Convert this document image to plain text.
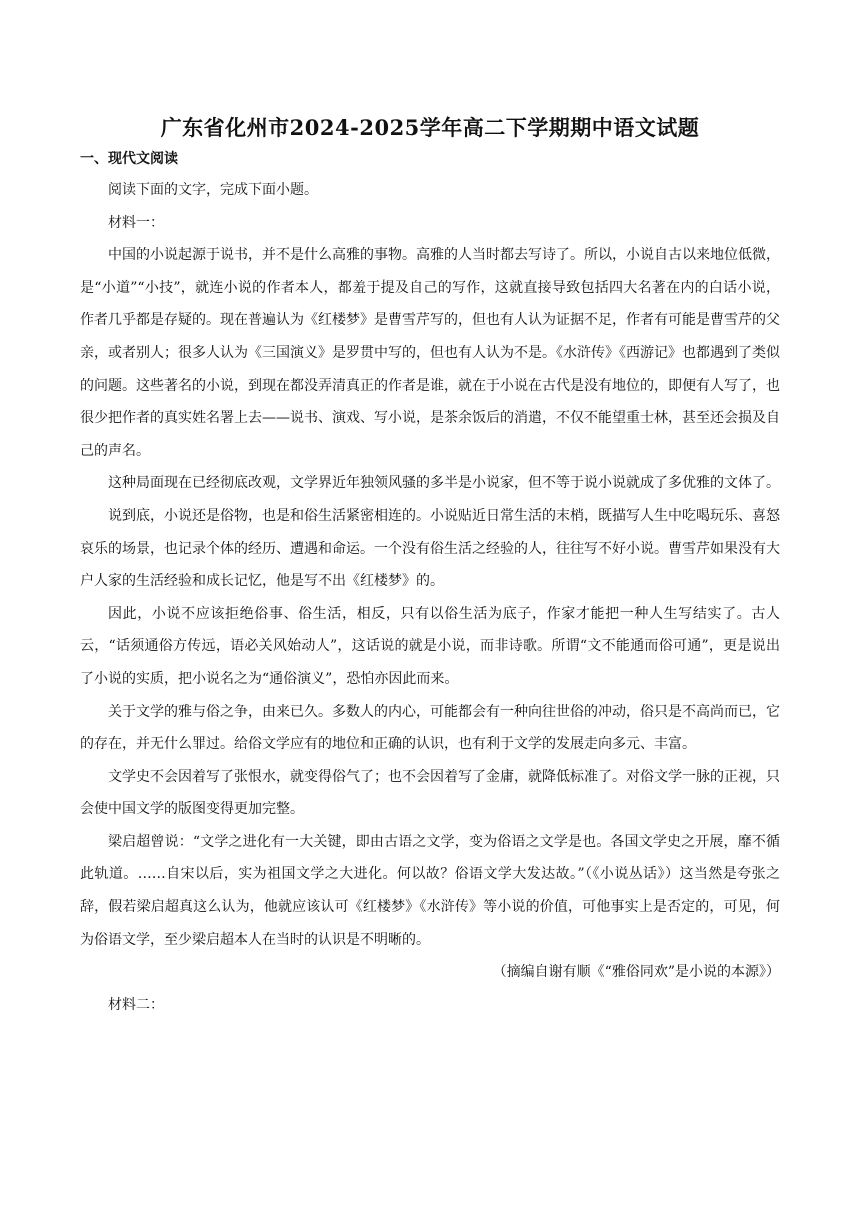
广东省化州市2024-2025学年高二下学期期中语文试题
一、现代文阅读

阅读下面的文字，完成下面小题。

材料一：

中国的小说起源于说书，并不是什么高雅的事物。高雅的人当时都去写诗了。所以，小说自古以来地位低微，是“小道”“小技”，就连小说的作者本人，都羞于提及自己的写作，这就直接导致包括四大名著在内的白话小说，作者几乎都是存疑的。现在普遍认为《红楼梦》是曹雪芹写的，但也有人认为证据不足，作者有可能是曹雪芹的父亲，或者别人；很多人认为《三国演义》是罗贯中写的，但也有人认为不是。《水浒传》《西游记》也都遇到了类似的问题。这些著名的小说，到现在都没弄清真正的作者是谁，就在于小说在古代是没有地位的，即便有人写了，也很少把作者的真实姓名署上去——说书、演戏、写小说，是茶余饭后的消遣，不仅不能望重士林，甚至还会损及自己的声名。

这种局面现在已经彻底改观，文学界近年独领风骚的多半是小说家，但不等于说小说就成了多优雅的文体了。

说到底，小说还是俗物，也是和俗生活紧密相连的。小说贴近日常生活的末梢，既描写人生中吃喝玩乐、喜怒哀乐的场景，也记录个体的经历、遭遇和命运。一个没有俗生活之经验的人，往往写不好小说。曹雪芹如果没有大户人家的生活经验和成长记忆，他是写不出《红楼梦》的。

因此，小说不应该拒绝俗事、俗生活，相反，只有以俗生活为底子，作家才能把一种人生写结实了。古人云，“话须通俗方传远，语必关风始动人”，这话说的就是小说，而非诗歌。所谓“文不能通而俗可通”，更是说出了小说的实质，把小说名之为“通俗演义”，恐怕亦因此而来。

关于文学的雅与俗之争，由来已久。多数人的内心，可能都会有一种向往世俗的冲动，俗只是不高尚而已，它的存在，并无什么罪过。给俗文学应有的地位和正确的认识，也有利于文学的发展走向多元、丰富。

文学史不会因着写了张恨水，就变得俗气了；也不会因着写了金庸，就降低标准了。对俗文学一脉的正视，只会使中国文学的版图变得更加完整。

梁启超曾说：“文学之进化有一大关键，即由古语之文学，变为俗语之文学是也。各国文学史之开展，靡不循此轨道。……自宋以后，实为祖国文学之大进化。何以故？俗语文学大发达故。”（《小说丛话》）这当然是夸张之辞，假若梁启超真这么认为，他就应该认可《红楼梦》《水浒传》等小说的价值，可他事实上是否定的，可见，何为俗语文学，至少梁启超本人在当时的认识是不明晰的。

（摘编自谢有顺《“雅俗同欢”是小说的本源》）

材料二：
